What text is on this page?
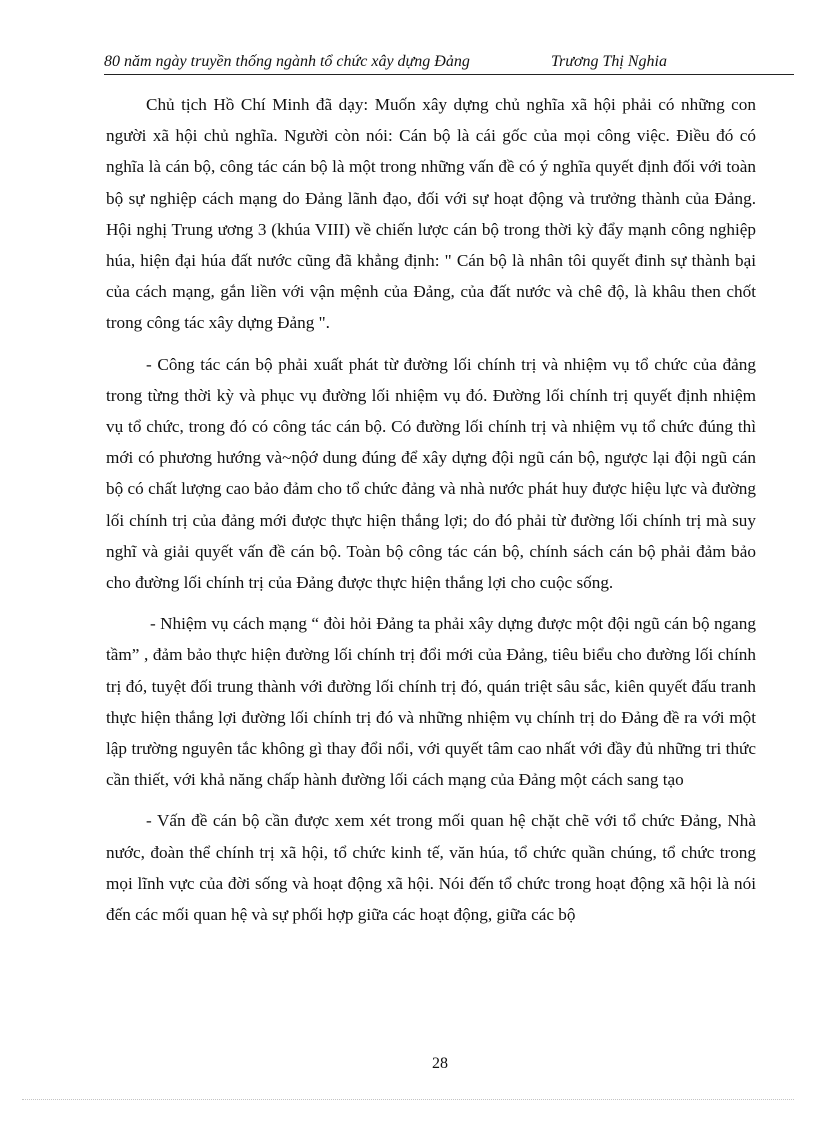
80 năm ngày truyền thống ngành tổ chức xây dựng Đảng	Trương Thị Nghia

Chủ tịch Hồ Chí Minh đã dạy: Muốn xây dựng chủ nghĩa xã hội phải có những con người xã hội chủ nghĩa. Người còn nói: Cán bộ là cái gốc của mọi công việc. Điều đó có nghĩa là cán bộ, công tác cán bộ là một trong những vấn đề có ý nghĩa quyết định đối với toàn bộ sự nghiệp cách mạng do Đảng lãnh đạo, đối với sự hoạt động và trưởng thành của Đảng. Hội nghị Trung ương 3 (khúa VIII) về chiến lược cán bộ trong thời kỳ đẩy mạnh công nghiệp húa, hiện đại húa đất nước cũng đã khẳng định: " Cán bộ là nhân tôi quyết đinh sự thành bại của cách mạng, gắn liền với vận mệnh của Đảng, của đất nước và chê độ, là khâu then chốt trong công tác xây dựng Đảng ".

- Công tác cán bộ phải xuất phát từ đường lối chính trị và nhiệm vụ tổ chức của đảng trong từng thời kỳ và phục vụ đường lối nhiệm vụ đó. Đường lối chính trị quyết định nhiệm vụ tổ chức, trong đó có công tác cán bộ. Có đường lối chính trị và nhiệm vụ tổ chức đúng thì mới có phương hướng và~nộớ dung đúng để xây dựng đội ngũ cán bộ, ngược lại đội ngũ cán bộ có chất lượng cao bảo đảm cho tổ chức đảng và nhà nước phát huy được hiệu lực và đường lối chính trị của đảng mới được thực hiện thắng lợi; do đó phải từ đường lối chính trị mà suy nghĩ và giải quyết vấn đề cán bộ. Toàn bộ công tác cán bộ, chính sách cán bộ phải đảm bảo cho đường lối chính trị của Đảng được thực hiện thắng lợi cho cuộc sống.

- Nhiệm vụ cách mạng “ đòi hỏi Đảng ta phải xây dựng được một đội ngũ cán bộ ngang tầm” , đảm bảo thực hiện đường lối chính trị đổi mới của Đảng, tiêu biểu cho đường lối chính trị đó, tuyệt đối trung thành với đường lối chính trị đó, quán triệt sâu sắc, kiên quyết đấu tranh thực hiện thắng lợi đường lối chính trị đó và những nhiệm vụ chính trị do Đảng đề ra với một lập trường nguyên tắc không gì thay đổi nổi, với quyết tâm cao nhất với đầy đủ những tri thức cần thiết, với khả năng chấp hành đường lối cách mạng của Đảng một cách sang tạo

- Vấn đề cán bộ cần được xem xét trong mối quan hệ chặt chẽ với tổ chức Đảng, Nhà nước, đoàn thể chính trị xã hội, tổ chức kinh tế, văn húa, tổ chức quần chúng, tổ chức trong mọi lĩnh vực của đời sống và hoạt động xã hội. Nói đến tổ chức trong hoạt động xã hội là nói đến các mối quan hệ và sự phối hợp giữa các hoạt động, giữa các bộ

28
